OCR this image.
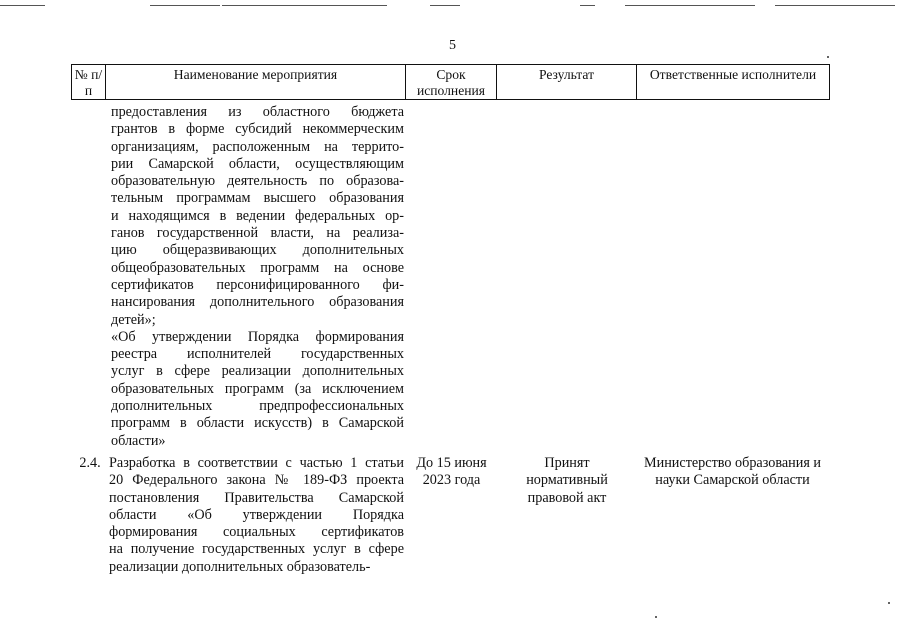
5
№ п/п
Наименование мероприятия	Срок исполнения
Результат	Ответственные исполнители
предоставления из областного бюджета
грантов в форме субсидий некоммерческим
организациям, расположенным на террито-
рии Самарской области, осуществляющим
образовательную деятельность по образова-
тельным программам высшего образования
и находящимся в ведении федеральных ор-
ганов государственной власти, на реализа-
цию общеразвивающих дополнительных
общеобразовательных программ на основе
сертификатов персонифицированного фи-
нансирования дополнительного образования
детей»;
«Об утверждении Порядка формирования
реестра исполнителей государственных
услуг в сфере реализации дополнительных
образовательных программ (за исключением
дополнительных предпрофессиональных
программ в области искусств) в Самарской
области»
2.4. Разработка в соответствии с частью 1 статьи
20 Федерального закона № 189-ФЗ проекта
постановления Правительства Самарской
области «Об утверждении Порядка
формирования социальных сертификатов
на получение государственных услуг в сфере
реализации дополнительных образователь-
До 15 июня
2023 года
Принят
нормативный
правовой акт
Министерство образования и
науки Самарской области
